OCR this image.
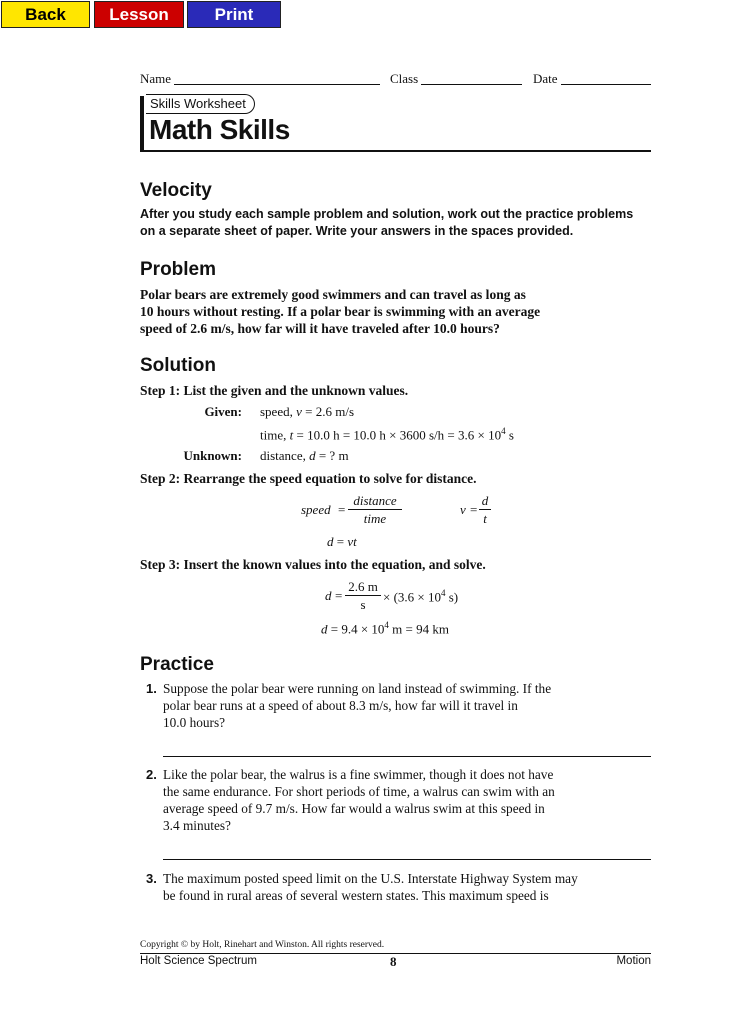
Back	Lesson	Print
Name	Class	Date
Skills Worksheet
Math Skills
Velocity
After you study each sample problem and solution, work out the practice problems
on a separate sheet of paper. Write your answers in the spaces provided.
Problem
Polar bears are extremely good swimmers and can travel as long as
10 hours without resting. If a polar bear is swimming with an average
speed of 2.6 m/s, how far will it have traveled after 10.0 hours?
Solution
Step 1: List the given and the unknown values.
Given: speed, v = 2.6 m/s
time, t = 10.0 h = 10.0 h × 3600 $s/h = 3.6 \times 10^4$ s
Unknown: distance, d = ? m
Step 2: Rearrange the speed equation to solve for distance.
speed =
distance
time
v =
d
t
d = vt
Step 3: Insert the known values into the equation, and solve.
d =
2.6 m
s
× ($3.6 \times 10^4$ s)
$d = 9.4 \times 10^4$ m = 94 km
Practice
1. Suppose the polar bear were running on land instead of swimming. If the
polar bear runs at a speed of about 8.3 m/s, how far will it travel in
10.0 hours?
2. Like the polar bear, the walrus is a fine swimmer, though it does not have
the same endurance. For short periods of time, a walrus can swim with an
average speed of 9.7 m/s. How far would a walrus swim at this speed in
3.4 minutes?
3. The maximum posted speed limit on the U.S. Interstate Highway System may
be found in rural areas of several western states. This maximum speed is
Copyright © by Holt, Rinehart and Winston. All rights reserved.
Holt Science Spectrum	8	Motion
